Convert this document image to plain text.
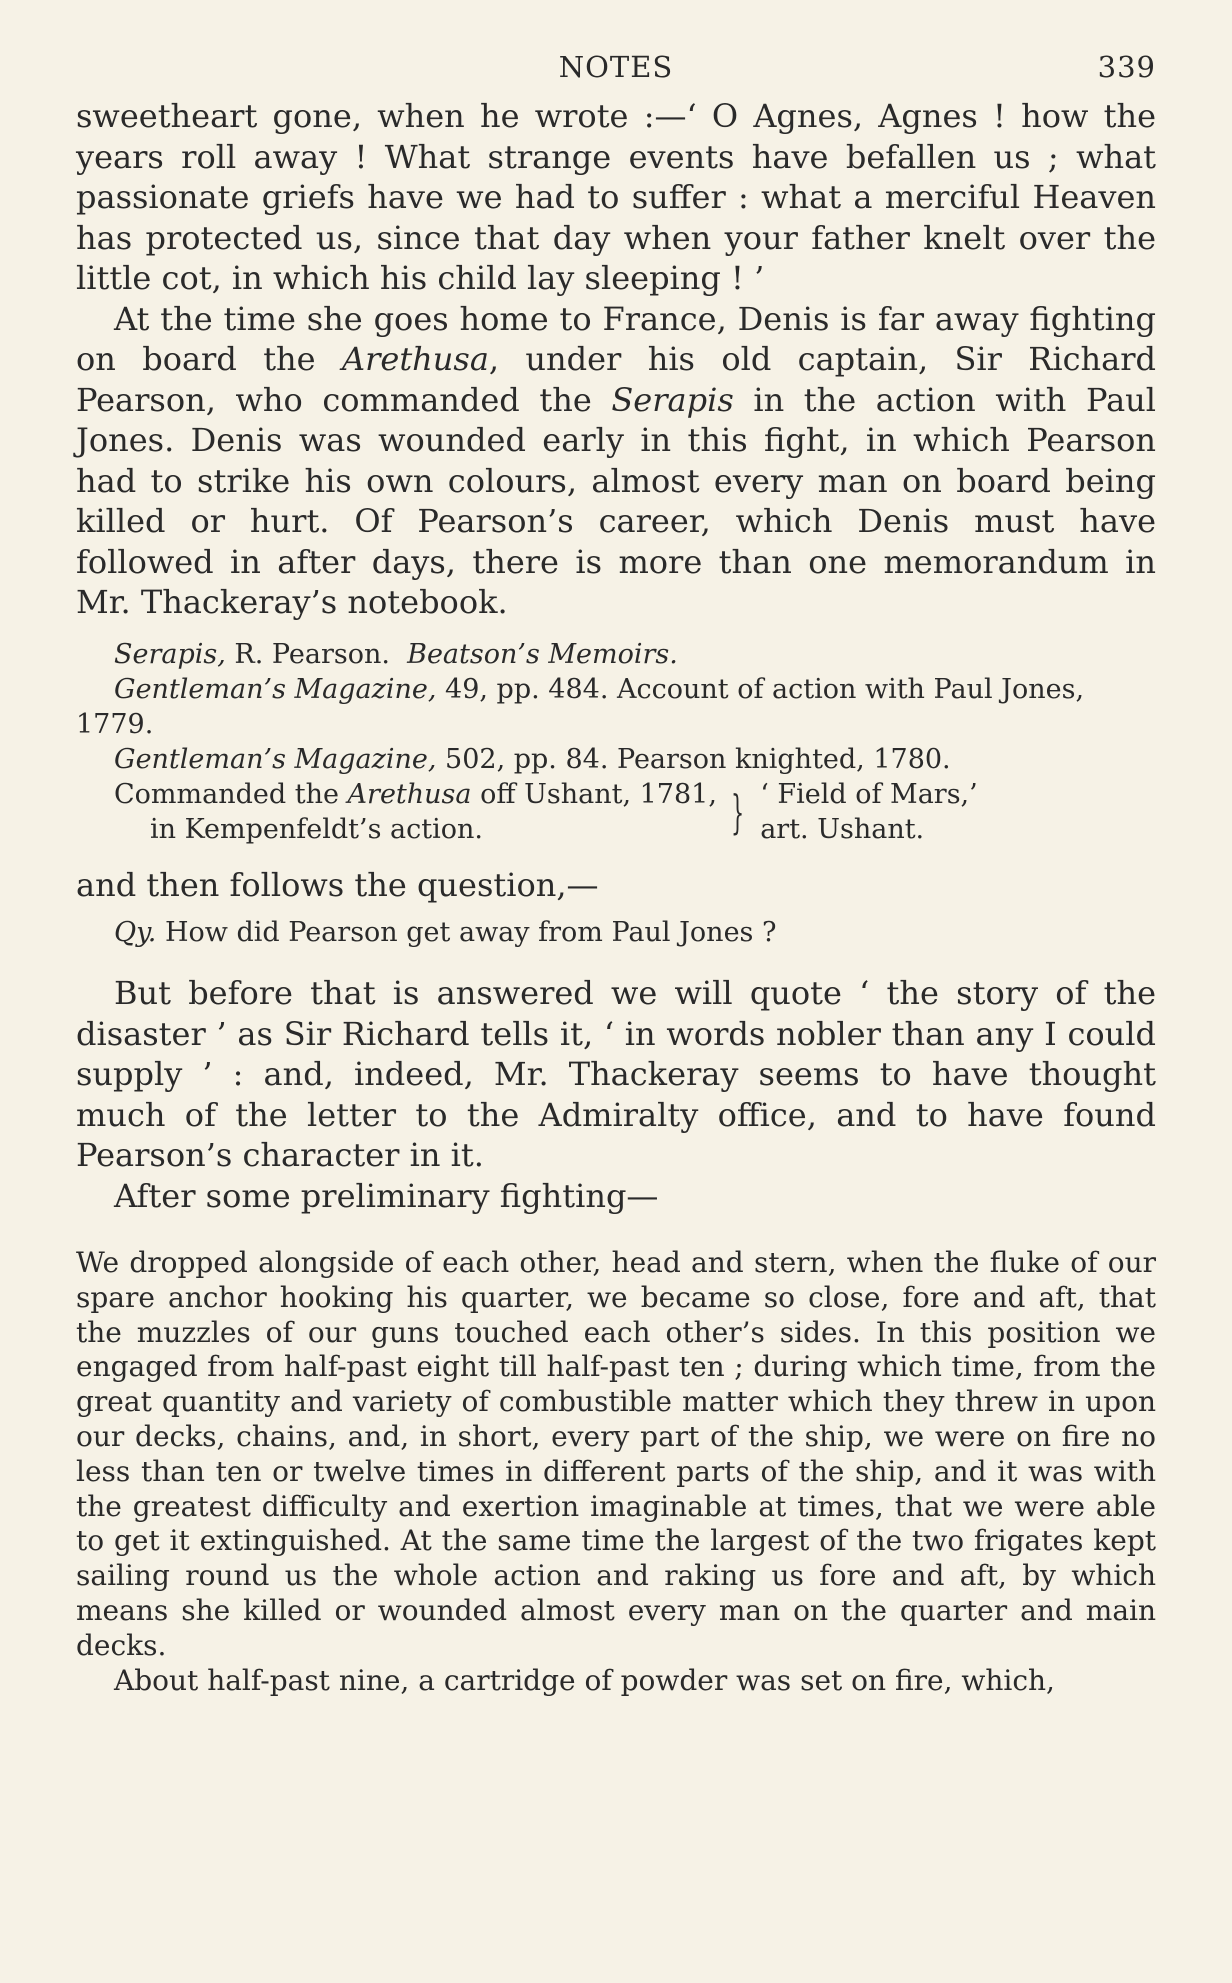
NOTES	339

sweetheart gone, when he wrote :—‘ O Agnes, Agnes ! how the years roll away ! What strange events have befallen us ; what passionate griefs have we had to suffer : what a merciful Heaven has protected us, since that day when your father knelt over the little cot, in which his child lay sleeping ! ’

At the time she goes home to France, Denis is far away fighting on board the Arethusa, under his old captain, Sir Richard Pearson, who commanded the Serapis in the action with Paul Jones. Denis was wounded early in this fight, in which Pearson had to strike his own colours, almost every man on board being killed or hurt. Of Pearson’s career, which Denis must have followed in after days, there is more than one memorandum in Mr. Thackeray’s notebook.

Serapis, R. Pearson.  Beatson’s Memoirs.
Gentleman’s Magazine, 49, pp. 484. Account of action with Paul Jones, 1779.
Gentleman’s Magazine, 502, pp. 84. Pearson knighted, 1780.
Commanded the Arethusa off Ushant, 1781,
in Kempenfeldt’s action.	} ‘ Field of Mars,’
art. Ushant.

and then follows the question,—

Qy. How did Pearson get away from Paul Jones ?

But before that is answered we will quote ‘ the story of the disaster ’ as Sir Richard tells it, ‘ in words nobler than any I could supply ’ : and, indeed, Mr. Thackeray seems to have thought much of the letter to the Admiralty office, and to have found Pearson’s character in it.

After some preliminary fighting—

We dropped alongside of each other, head and stern, when the fluke of our spare anchor hooking his quarter, we became so close, fore and aft, that the muzzles of our guns touched each other’s sides. In this position we engaged from half-past eight till half-past ten ; during which time, from the great quantity and variety of combustible matter which they threw in upon our decks, chains, and, in short, every part of the ship, we were on fire no less than ten or twelve times in different parts of the ship, and it was with the greatest difficulty and exertion imaginable at times, that we were able to get it extinguished. At the same time the largest of the two frigates kept sailing round us the whole action and raking us fore and aft, by which means she killed or wounded almost every man on the quarter and main decks.

About half-past nine, a cartridge of powder was set on fire, which,
